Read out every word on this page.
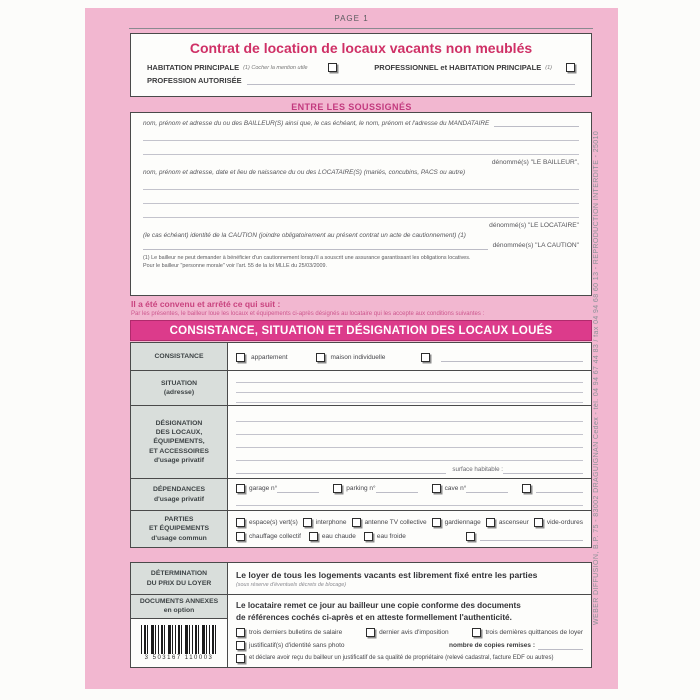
PAGE 1
Contrat de location de locaux vacants non meublés
HABITATION PRINCIPALE (1) Cocher la mention utile	PROFESSIONNEL et HABITATION PRINCIPALE (1)
PROFESSION AUTORISÉE
ENTRE LES SOUSSIGNÉS
nom, prénom et adresse du ou des BAILLEUR(S) ainsi que, le cas échéant, le nom, prénom et l'adresse du MANDATAIRE
dénommé(s) "LE BAILLEUR",
nom, prénom et adresse, date et lieu de naissance du ou des LOCATAIRE(S) (mariés, concubins, PACS ou autre)
dénommé(s) "LE LOCATAIRE"
(le cas échéant) identité de la CAUTION (joindre obligatoirement au présent contrat un acte de cautionnement) (1)
dénommée(s) "LA CAUTION"
(1) Le bailleur ne peut demander à bénéficier d'un cautionnement lorsqu'il a souscrit une assurance garantissant les obligations locatives.
Pour le bailleur "personne morale" voir l'art. 55 de la loi MLLE du 25/03/2009.
Il a été convenu et arrêté ce qui suit :
Par les présentes, le bailleur loue les locaux et équipements ci-après désignés au locataire qui les accepte aux conditions suivantes :
CONSISTANCE, SITUATION ET DÉSIGNATION DES LOCAUX LOUÉS
CONSISTANCE	appartement	maison individuelle
SITUATION
(adresse)
DÉSIGNATION
DES LOCAUX,
ÉQUIPEMENTS,
ET ACCESSOIRES
d'usage privatif
surface habitable :
DÉPENDANCES
d'usage privatif
garage n°	parking n°	cave n°
PARTIES
ET ÉQUIPEMENTS
d'usage commun
espace(s) vert(s)	interphone	antenne TV collective	gardiennage	ascenseur	vide-ordures
chauffage collectif	eau chaude	eau froide
DÉTERMINATION
DU PRIX DU LOYER
Le loyer de tous les logements vacants est librement fixé entre les parties
(sous réserve d'éventuels décrets de blocage)
DOCUMENTS ANNEXES
en option
3 503167 110003
Le locataire remet ce jour au bailleur une copie conforme des documents
de références cochés ci-après et en atteste formellement l'authenticité.
trois derniers bulletins de salaire	dernier avis d'imposition	trois dernières quittances de loyer
justificatif(s) d'identité sans photo	nombre de copies remises :
et déclare avoir reçu du bailleur un justificatif de sa qualité de propriétaire (relevé cadastral, facture EDF ou autres)
WEBER DIFFUSION, B.P. 75 - 83002 DRAGUIGNAN Cedex - tél. 04 94 67 44 83 / fax 04 94 68 60 13 - REPRODUCTION INTERDITE - 25010
